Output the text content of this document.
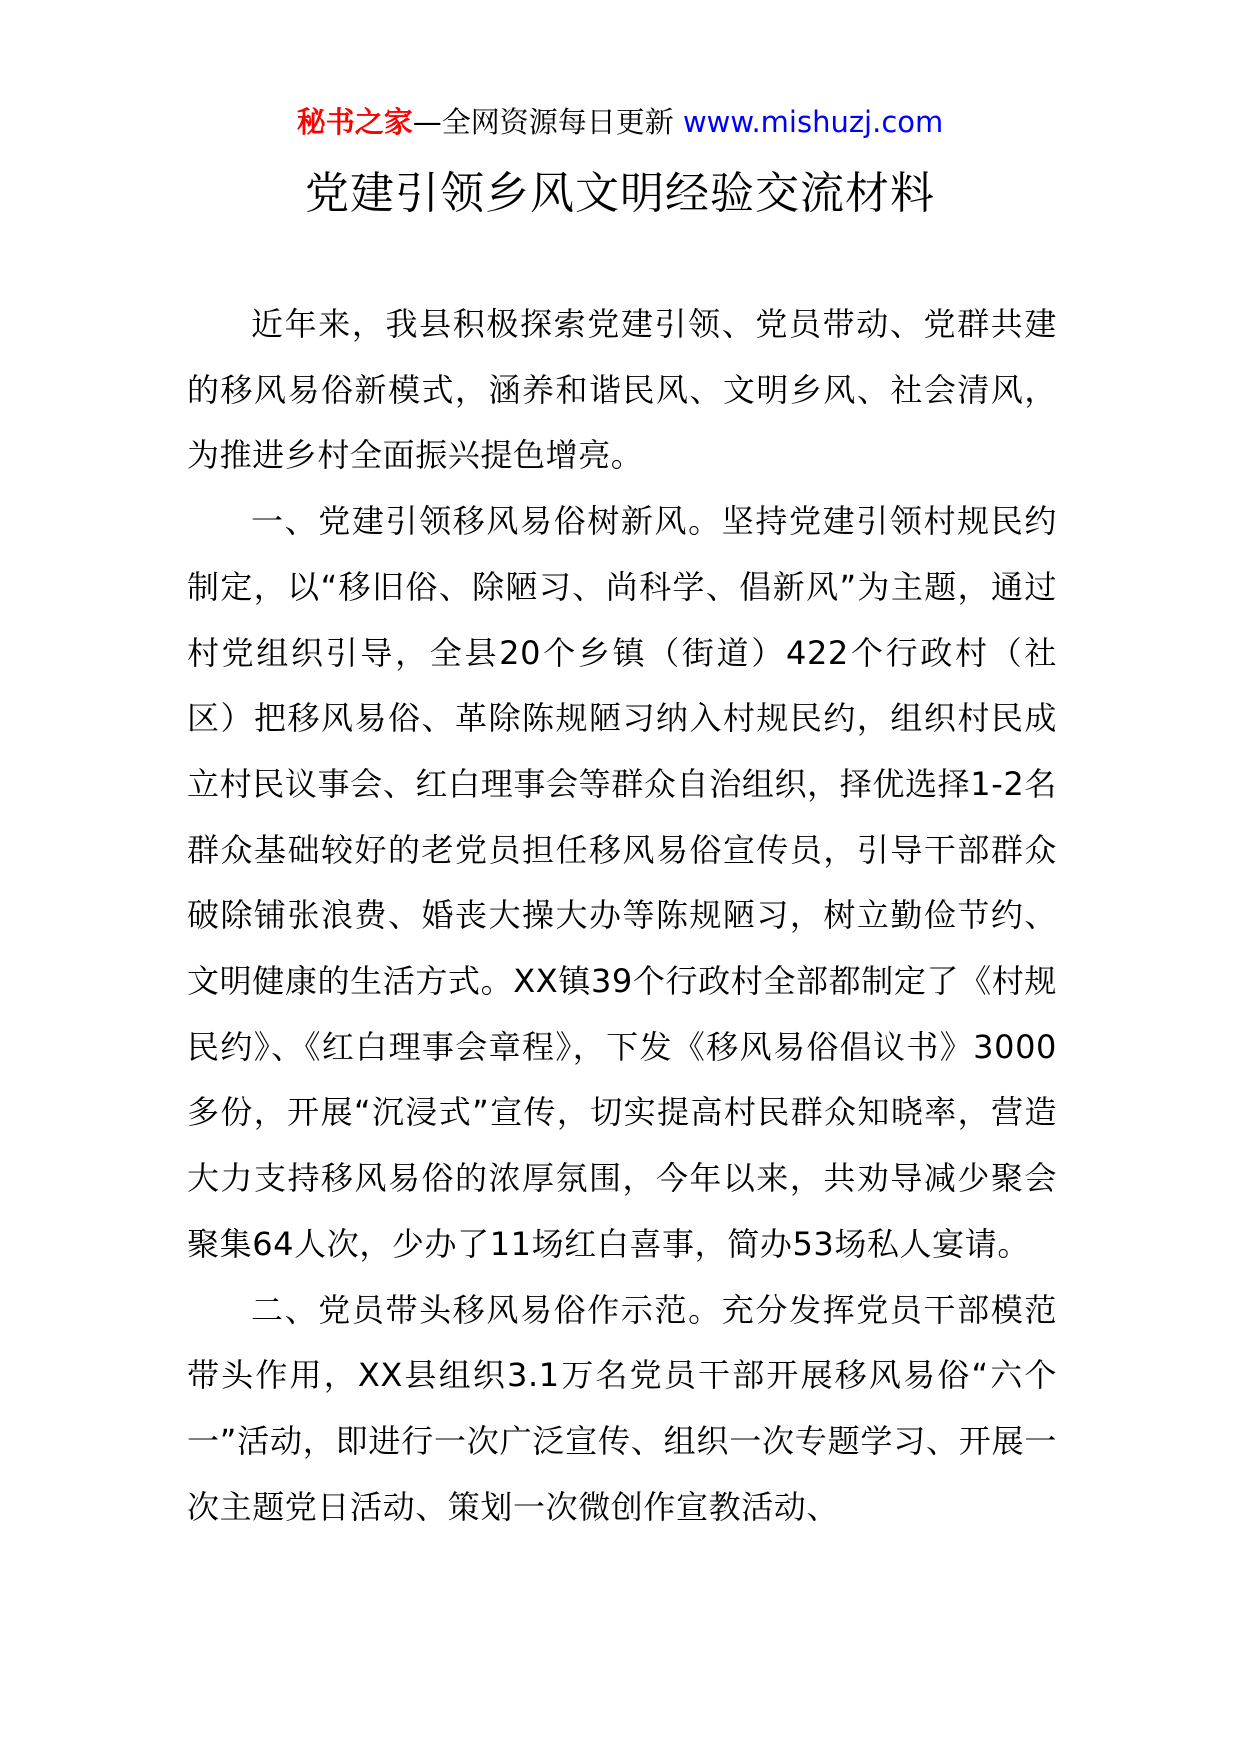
秘书之家—全网资源每日更新 www.mishuzj.com
党建引领乡风文明经验交流材料

近年来，我县积极探索党建引领、党员带动、党群共建的移风易俗新模式，涵养和谐民风、文明乡风、社会清风，为推进乡村全面振兴提色增亮。

一、党建引领移风易俗树新风。坚持党建引领村规民约制定，以“移旧俗、除陋习、尚科学、倡新风”为主题，通过村党组织引导，全县20个乡镇（街道）422个行政村（社区）把移风易俗、革除陈规陋习纳入村规民约，组织村民成立村民议事会、红白理事会等群众自治组织，择优选择1-2名群众基础较好的老党员担任移风易俗宣传员，引导干部群众破除铺张浪费、婚丧大操大办等陈规陋习，树立勤俭节约、文明健康的生活方式。XX镇39个行政村全部都制定了《村规民约》、《红白理事会章程》，下发《移风易俗倡议书》3000多份，开展“沉浸式”宣传，切实提高村民群众知晓率，营造大力支持移风易俗的浓厚氛围，今年以来，共劝导减少聚会聚集64人次，少办了11场红白喜事，简办53场私人宴请。

二、党员带头移风易俗作示范。充分发挥党员干部模范带头作用，XX县组织3.1万名党员干部开展移风易俗“六个一”活动，即进行一次广泛宣传、组织一次专题学习、开展一次主题党日活动、策划一次微创作宣教活动、
